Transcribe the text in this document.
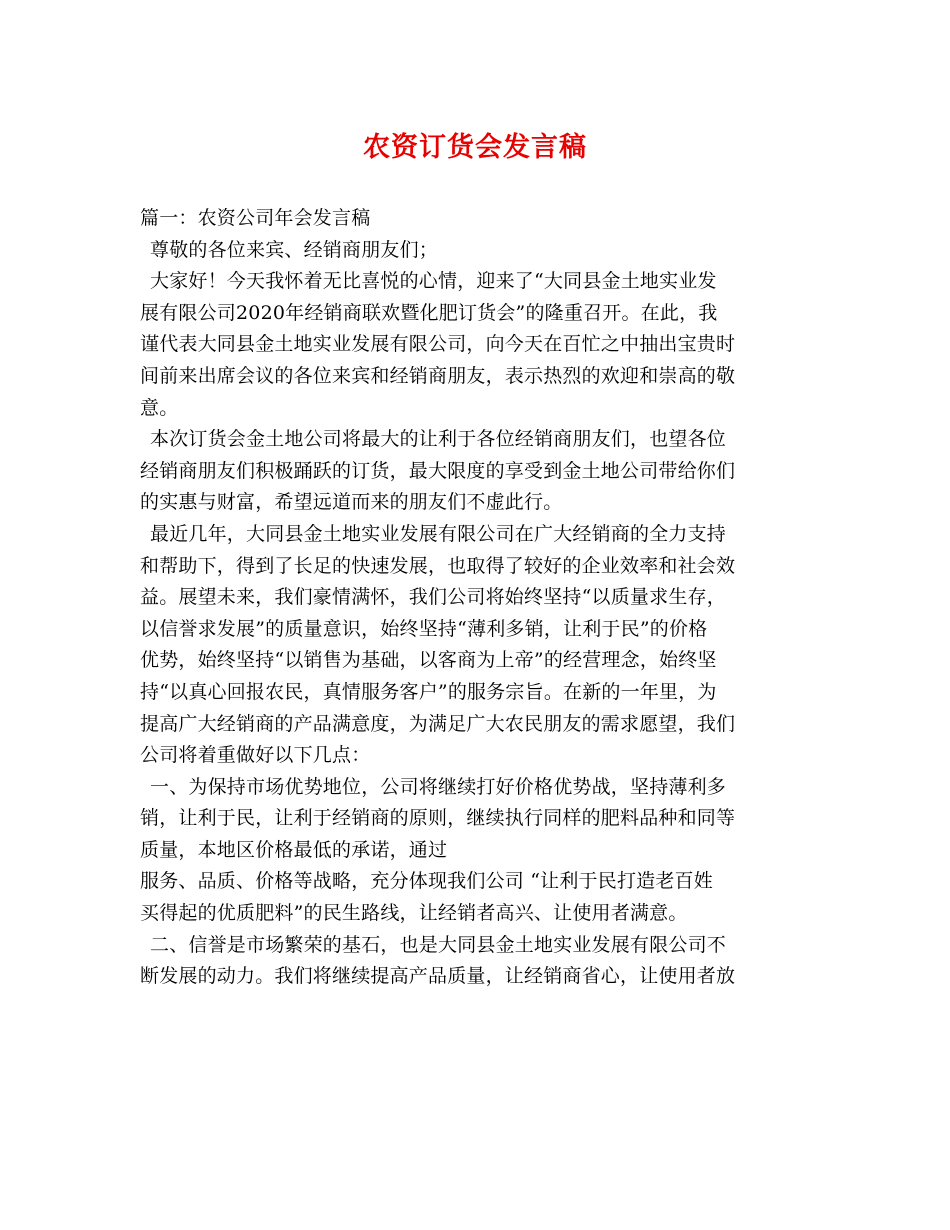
农资订货会发言稿
篇一：农资公司年会发言稿
尊敬的各位来宾、经销商朋友们；
大家好！今天我怀着无比喜悦的心情，迎来了“大同县金土地实业发
展有限公司2020年经销商联欢暨化肥订货会”的隆重召开。在此，我
谨代表大同县金土地实业发展有限公司，向今天在百忙之中抽出宝贵时
间前来出席会议的各位来宾和经销商朋友，表示热烈的欢迎和崇高的敬
意。
本次订货会金土地公司将最大的让利于各位经销商朋友们，也望各位
经销商朋友们积极踊跃的订货，最大限度的享受到金土地公司带给你们
的实惠与财富，希望远道而来的朋友们不虚此行。
最近几年，大同县金土地实业发展有限公司在广大经销商的全力支持
和帮助下，得到了长足的快速发展，也取得了较好的企业效率和社会效
益。展望未来，我们豪情满怀，我们公司将始终坚持“以质量求生存，
以信誉求发展”的质量意识，始终坚持“薄利多销，让利于民”的价格
优势，始终坚持“以销售为基础，以客商为上帝”的经营理念，始终坚
持“以真心回报农民，真情服务客户”的服务宗旨。在新的一年里，为
提高广大经销商的产品满意度，为满足广大农民朋友的需求愿望，我们
公司将着重做好以下几点：
一、为保持市场优势地位，公司将继续打好价格优势战，坚持薄利多
销，让利于民，让利于经销商的原则，继续执行同样的肥料品种和同等
质量，本地区价格最低的承诺，通过
服务、品质、价格等战略，充分体现我们公司 “让利于民打造老百姓
买得起的优质肥料”的民生路线，让经销者高兴、让使用者满意。
二、信誉是市场繁荣的基石，也是大同县金土地实业发展有限公司不
断发展的动力。我们将继续提高产品质量，让经销商省心，让使用者放
